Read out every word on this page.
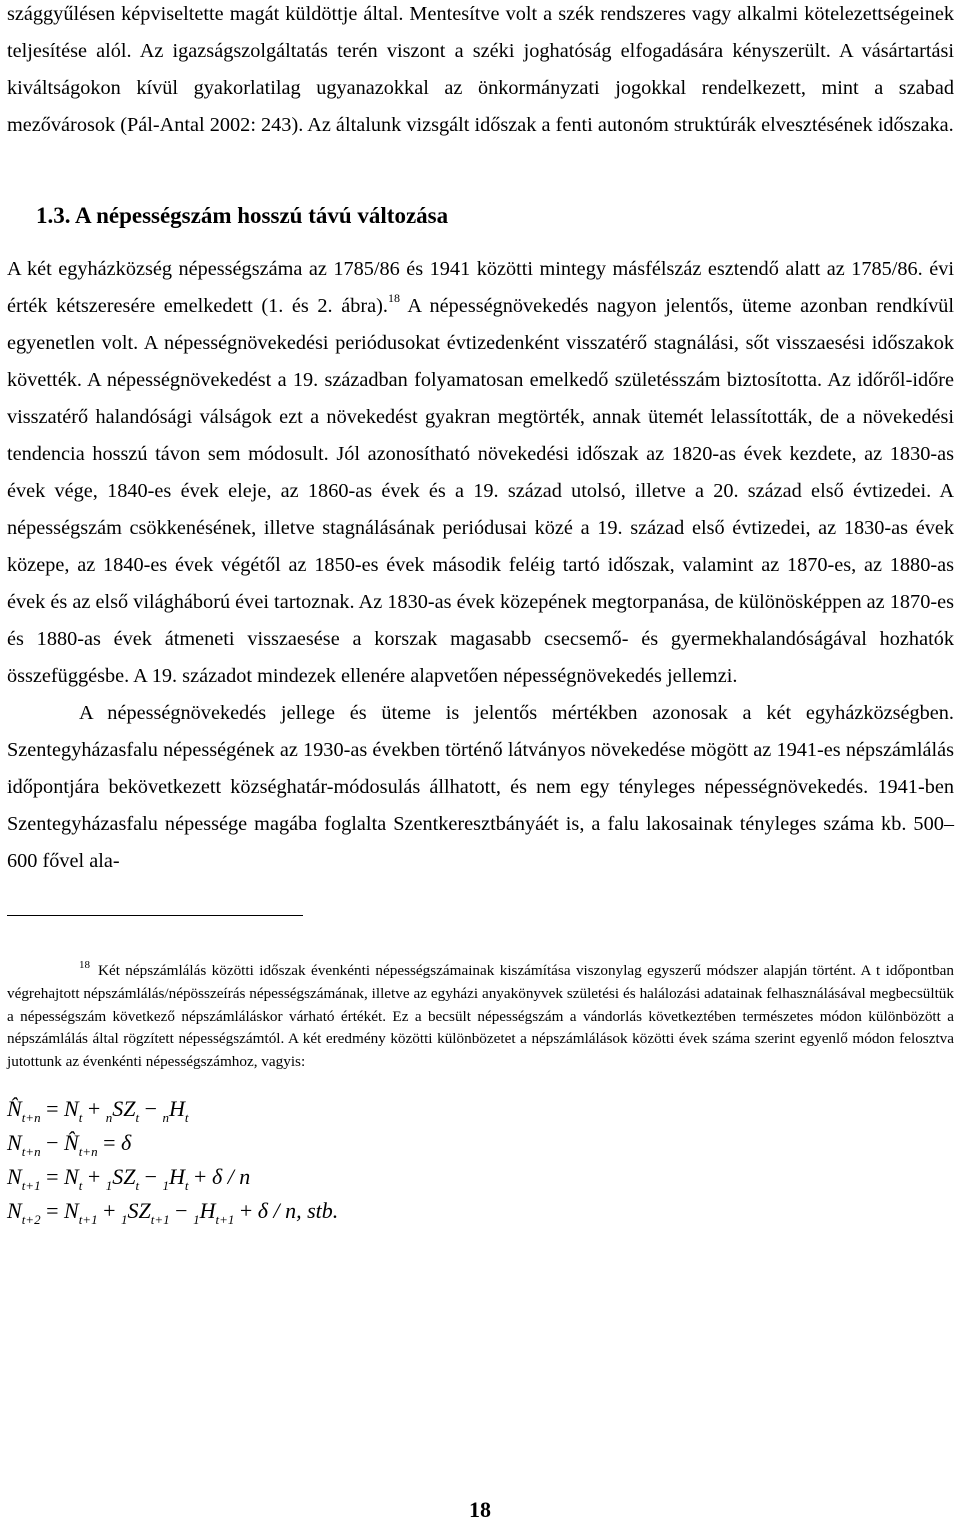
szággyűlésen képviseltette magát küldöttje által. Mentesítve volt a szék rendszeres vagy alkalmi kötelezettségeinek teljesítése alól. Az igazságszolgáltatás terén viszont a széki joghatóság elfogadására kényszerült. A vásártartási kiváltságokon kívül gyakorlatilag ugyanazokkal az önkormányzati jogokkal rendelkezett, mint a szabad mezővárosok (Pál-Antal 2002: 243). Az általunk vizsgált időszak a fenti autonóm struktúrák elvesztésének időszaka.

1.3. A népességszám hosszú távú változása

A két egyházközség népességszáma az 1785/86 és 1941 közötti mintegy másfélszáz esztendő alatt az 1785/86. évi érték kétszeresére emelkedett (1. és 2. ábra).$^{18}$ A népességnövekedés nagyon jelentős, üteme azonban rendkívül egyenetlen volt. A népességnövekedési periódusokat évtizedenként visszatérő stagnálási, sőt visszaesési időszakok követték. A népességnövekedést a 19. században folyamatosan emelkedő születésszám biztosította. Az időről-időre visszatérő halandósági válságok ezt a növekedést gyakran megtörték, annak ütemét lelassították, de a növekedési tendencia hosszú távon sem módosult. Jól azonosítható növekedési időszak az 1820-as évek kezdete, az 1830-as évek vége, 1840-es évek eleje, az 1860-as évek és a 19. század utolsó, illetve a 20. század első évtizedei. A népességszám csökkenésének, illetve stagnálásának periódusai közé a 19. század első évtizedei, az 1830-as évek közepe, az 1840-es évek végétől az 1850-es évek második feléig tartó időszak, valamint az 1870-es, az 1880-as évek és az első világháború évei tartoznak. Az 1830-as évek közepének megtorpanása, de különösképpen az 1870-es és 1880-as évek átmeneti visszaesése a korszak magasabb csecsemő- és gyermekhalandóságával hozhatók összefüggésbe. A 19. századot mindezek ellenére alapvetően népességnövekedés jellemzi.

A népességnövekedés jellege és üteme is jelentős mértékben azonosak a két egyházközségben. Szentegyházasfalu népességének az 1930-as években történő látványos növekedése mögött az 1941-es népszámlálás időpontjára bekövetkezett községhatár-módosulás állhatott, és nem egy tényleges népességnövekedés. 1941-ben Szentegyházasfalu népessége magába foglalta Szentkeresztbányáét is, a falu lakosainak tényleges száma kb. 500–600 fővel ala-

$^{18}$ Két népszámlálás közötti időszak évenkénti népességszámainak kiszámítása viszonylag egyszerű módszer alapján történt. A t időpontban végrehajtott népszámlálás/népösszeírás népességszámának, illetve az egyházi anyakönyvek születési és halálozási adatainak felhasználásával megbecsültük a népességszám következő népszámláláskor várható értékét. Ez a becsült népességszám a vándorlás következtében természetes módon különbözött a népszámlálás által rögzített népességszámtól. A két eredmény közötti különbözetet a népszámlálások közötti évek száma szerint egyenlő módon felosztva jutottunk az évenkénti népességszámhoz, vagyis:
$N̂_{t+n} = N_t + _nSZ_t - _nH_t$
$N_{t+n}$ − $N̂_{t+n} = \delta$
$N_{t+1} = N_t + _1SZ_t - _1H_t + \delta / n$
$N_{t+2} = N_{t+1} + _1SZ_{t+1} - _1H_{t+1} + \delta / n$, stb.
18
